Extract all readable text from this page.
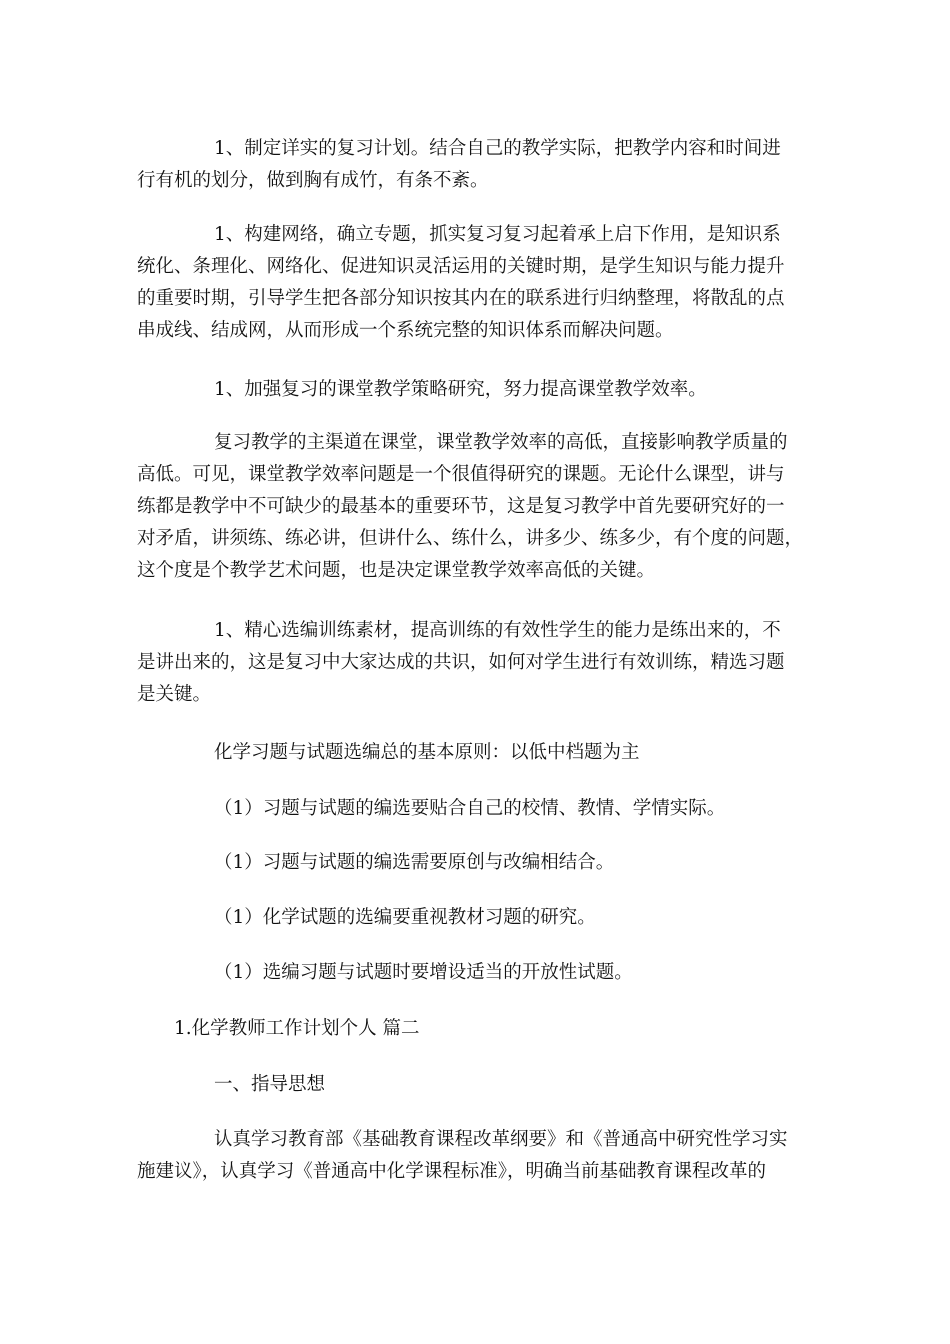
1、制定详实的复习计划。结合自己的教学实际，把教学内容和时间进
行有机的划分，做到胸有成竹，有条不紊。
1、构建网络，确立专题，抓实复习复习起着承上启下作用，是知识系
统化、条理化、网络化、促进知识灵活运用的关键时期，是学生知识与能力提升
的重要时期，引导学生把各部分知识按其内在的联系进行归纳整理，将散乱的点
串成线、结成网，从而形成一个系统完整的知识体系而解决问题。
1、加强复习的课堂教学策略研究，努力提高课堂教学效率。
复习教学的主渠道在课堂，课堂教学效率的高低，直接影响教学质量的
高低。可见，课堂教学效率问题是一个很值得研究的课题。无论什么课型，讲与
练都是教学中不可缺少的最基本的重要环节，这是复习教学中首先要研究好的一
对矛盾，讲须练、练必讲，但讲什么、练什么，讲多少、练多少，有个度的问题，
这个度是个教学艺术问题，也是决定课堂教学效率高低的关键。
1、精心选编训练素材，提高训练的有效性学生的能力是练出来的，不
是讲出来的，这是复习中大家达成的共识，如何对学生进行有效训练，精选习题
是关键。
化学习题与试题选编总的基本原则：以低中档题为主
（1）习题与试题的编选要贴合自己的校情、教情、学情实际。
（1）习题与试题的编选需要原创与改编相结合。
（1）化学试题的选编要重视教材习题的研究。
（1）选编习题与试题时要增设适当的开放性试题。
1.化学教师工作计划个人 篇二
一、指导思想
认真学习教育部《基础教育课程改革纲要》和《普通高中研究性学习实
施建议》，认真学习《普通高中化学课程标准》，明确当前基础教育课程改革的
